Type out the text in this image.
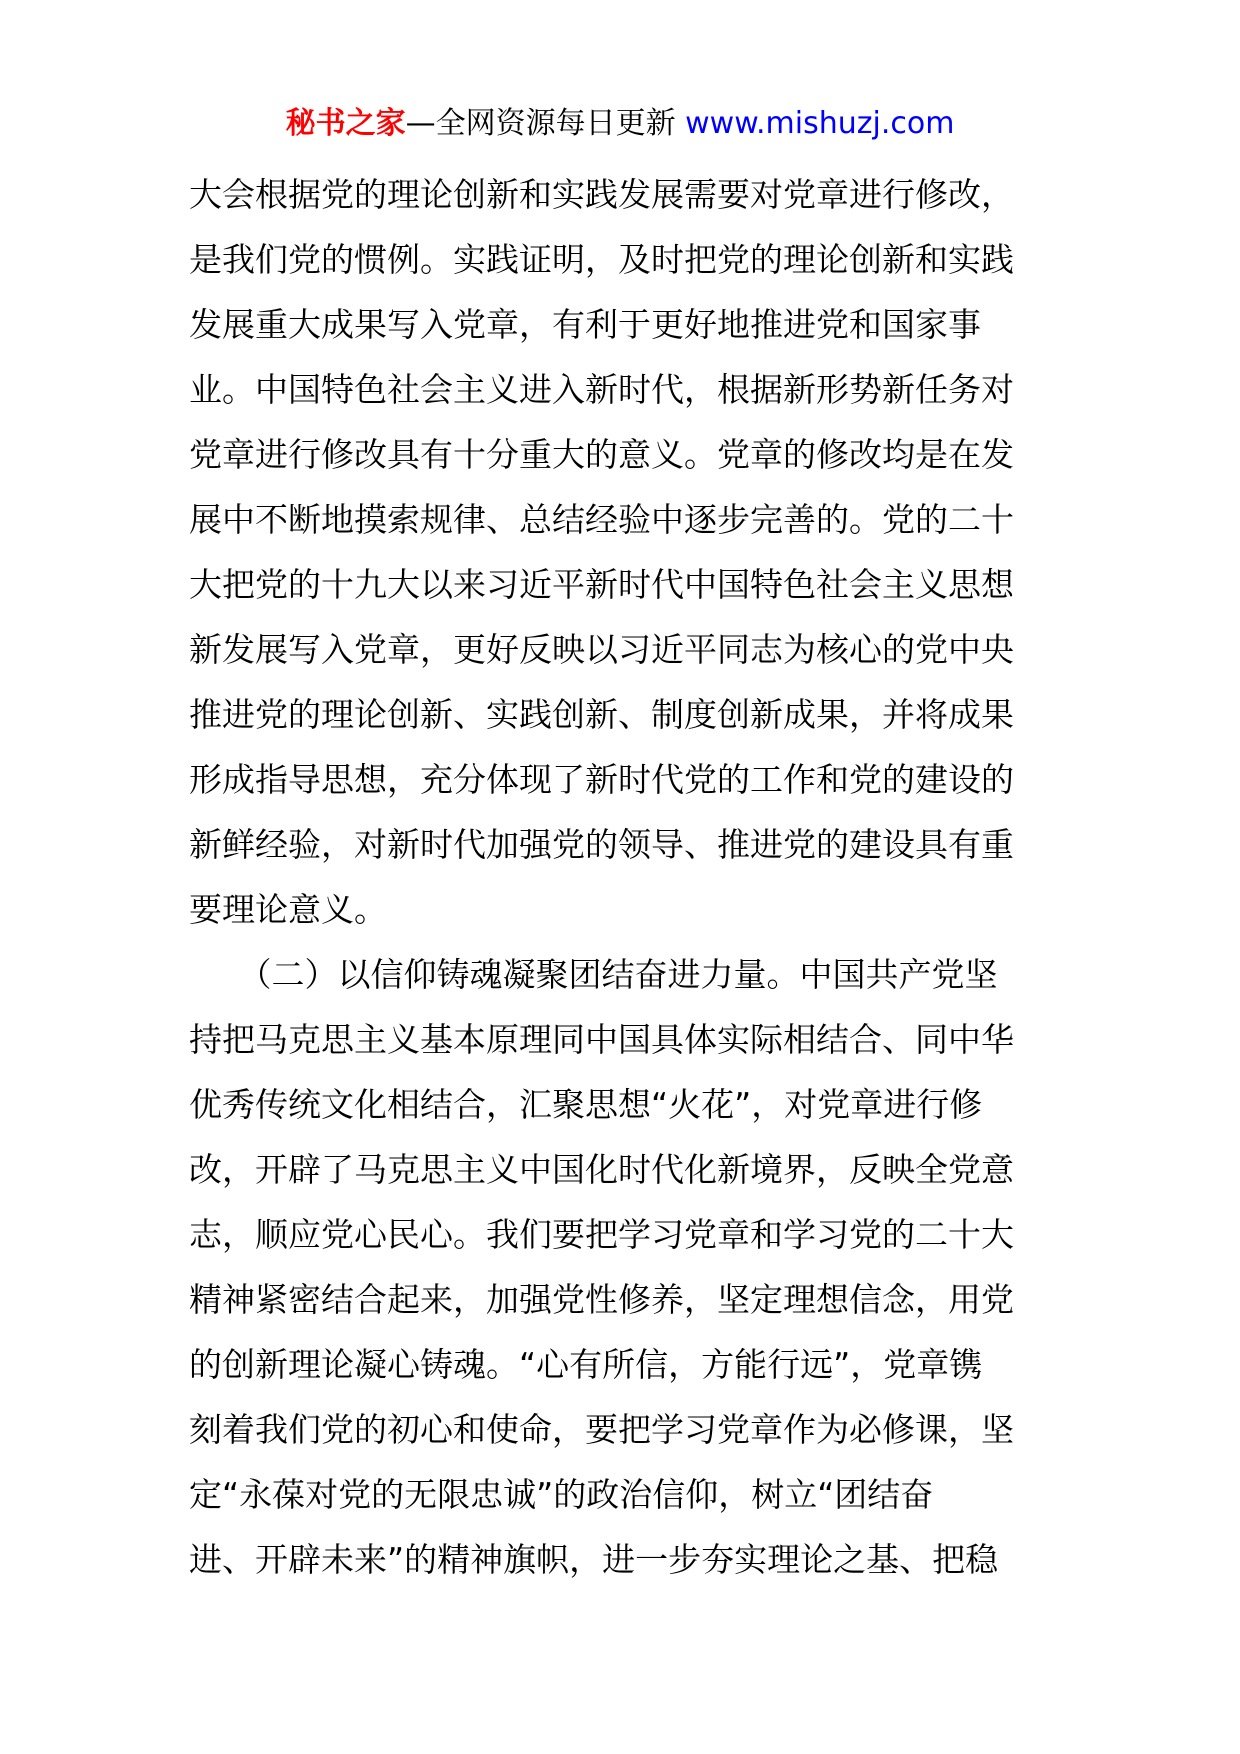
秘书之家—全网资源每日更新 www.mishuzj.com
大会根据党的理论创新和实践发展需要对党章进行修改，
是我们党的惯例。实践证明，及时把党的理论创新和实践
发展重大成果写入党章，有利于更好地推进党和国家事
业。中国特色社会主义进入新时代，根据新形势新任务对
党章进行修改具有十分重大的意义。党章的修改均是在发
展中不断地摸索规律、总结经验中逐步完善的。党的二十
大把党的十九大以来习近平新时代中国特色社会主义思想
新发展写入党章，更好反映以习近平同志为核心的党中央
推进党的理论创新、实践创新、制度创新成果，并将成果
形成指导思想，充分体现了新时代党的工作和党的建设的
新鲜经验，对新时代加强党的领导、推进党的建设具有重
要理论意义。
　　（二）以信仰铸魂凝聚团结奋进力量。中国共产党坚
持把马克思主义基本原理同中国具体实际相结合、同中华
优秀传统文化相结合，汇聚思想“火花”，对党章进行修
改，开辟了马克思主义中国化时代化新境界，反映全党意
志，顺应党心民心。我们要把学习党章和学习党的二十大
精神紧密结合起来，加强党性修养，坚定理想信念，用党
的创新理论凝心铸魂。“心有所信，方能行远”，党章镌
刻着我们党的初心和使命，要把学习党章作为必修课，坚
定“永葆对党的无限忠诚”的政治信仰，树立“团结奋
进、开辟未来”的精神旗帜，进一步夯实理论之基、把稳
